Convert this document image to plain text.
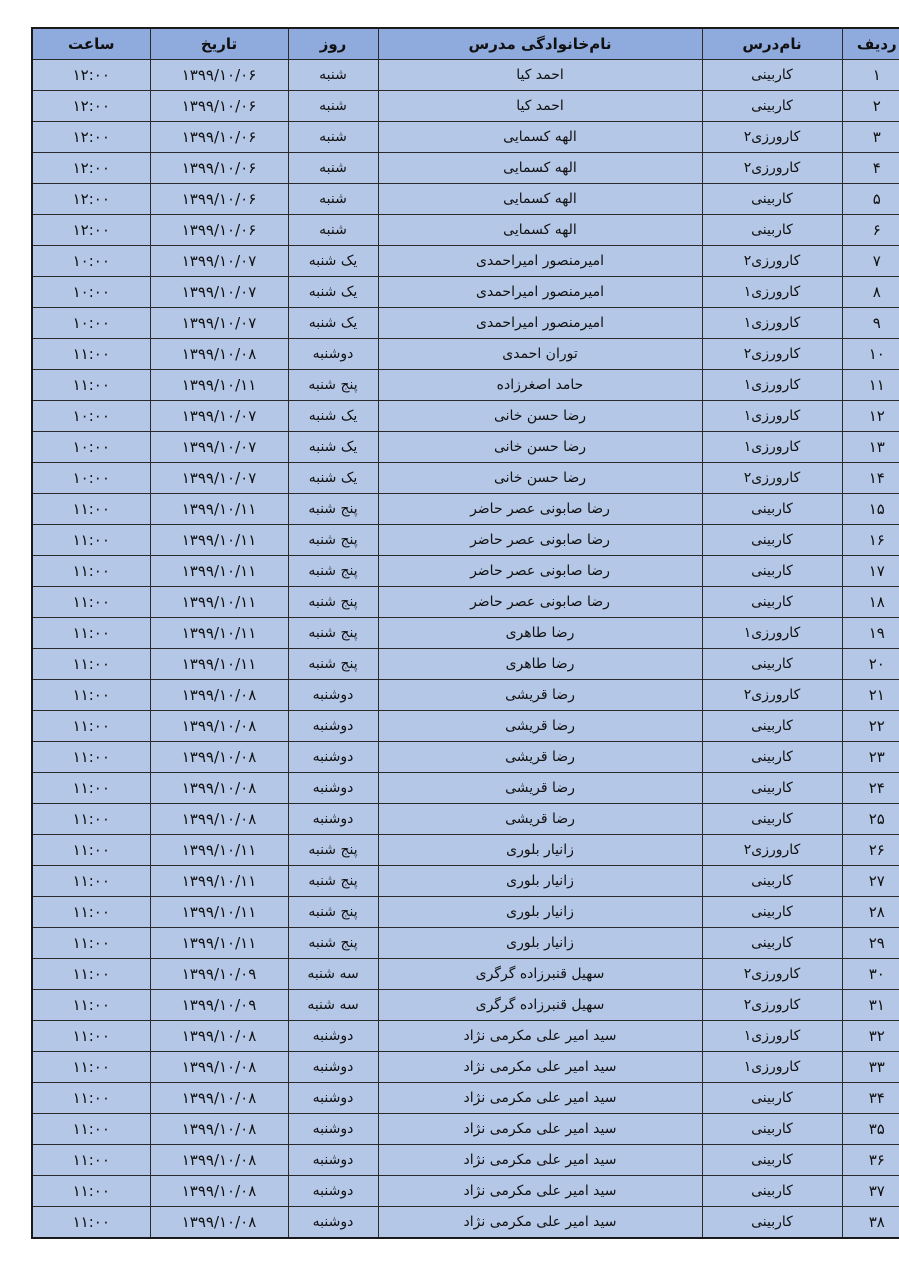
ردیف	نام‌درس	نام‌خانوادگی مدرس	روز	تاریخ	ساعت
۱	کاربینی	احمد کیا	شنبه	۱۳۹۹/۱۰/۰۶	۱۲:۰۰
۲	کاربینی	احمد کیا	شنبه	۱۳۹۹/۱۰/۰۶	۱۲:۰۰
۳	کارورزی۲	الهه کسمایی	شنبه	۱۳۹۹/۱۰/۰۶	۱۲:۰۰
۴	کارورزی۲	الهه کسمایی	شنبه	۱۳۹۹/۱۰/۰۶	۱۲:۰۰
۵	کاربینی	الهه کسمایی	شنبه	۱۳۹۹/۱۰/۰۶	۱۲:۰۰
۶	کاربینی	الهه کسمایی	شنبه	۱۳۹۹/۱۰/۰۶	۱۲:۰۰
۷	کارورزی۲	امیرمنصور امیراحمدی	یک شنبه	۱۳۹۹/۱۰/۰۷	۱۰:۰۰
۸	کارورزی۱	امیرمنصور امیراحمدی	یک شنبه	۱۳۹۹/۱۰/۰۷	۱۰:۰۰
۹	کارورزی۱	امیرمنصور امیراحمدی	یک شنبه	۱۳۹۹/۱۰/۰۷	۱۰:۰۰
۱۰	کارورزی۲	توران احمدی	دوشنبه	۱۳۹۹/۱۰/۰۸	۱۱:۰۰
۱۱	کارورزی۱	حامد اصغرزاده	پنج شنبه	۱۳۹۹/۱۰/۱۱	۱۱:۰۰
۱۲	کارورزی۱	رضا حسن خانی	یک شنبه	۱۳۹۹/۱۰/۰۷	۱۰:۰۰
۱۳	کارورزی۱	رضا حسن خانی	یک شنبه	۱۳۹۹/۱۰/۰۷	۱۰:۰۰
۱۴	کارورزی۲	رضا حسن خانی	یک شنبه	۱۳۹۹/۱۰/۰۷	۱۰:۰۰
۱۵	کاربینی	رضا صابونی عصر حاضر	پنج شنبه	۱۳۹۹/۱۰/۱۱	۱۱:۰۰
۱۶	کاربینی	رضا صابونی عصر حاضر	پنج شنبه	۱۳۹۹/۱۰/۱۱	۱۱:۰۰
۱۷	کاربینی	رضا صابونی عصر حاضر	پنج شنبه	۱۳۹۹/۱۰/۱۱	۱۱:۰۰
۱۸	کاربینی	رضا صابونی عصر حاضر	پنج شنبه	۱۳۹۹/۱۰/۱۱	۱۱:۰۰
۱۹	کارورزی۱	رضا طاهری	پنج شنبه	۱۳۹۹/۱۰/۱۱	۱۱:۰۰
۲۰	کاربینی	رضا طاهری	پنج شنبه	۱۳۹۹/۱۰/۱۱	۱۱:۰۰
۲۱	کارورزی۲	رضا قریشی	دوشنبه	۱۳۹۹/۱۰/۰۸	۱۱:۰۰
۲۲	کاربینی	رضا قریشی	دوشنبه	۱۳۹۹/۱۰/۰۸	۱۱:۰۰
۲۳	کاربینی	رضا قریشی	دوشنبه	۱۳۹۹/۱۰/۰۸	۱۱:۰۰
۲۴	کاربینی	رضا قریشی	دوشنبه	۱۳۹۹/۱۰/۰۸	۱۱:۰۰
۲۵	کاربینی	رضا قریشی	دوشنبه	۱۳۹۹/۱۰/۰۸	۱۱:۰۰
۲۶	کارورزی۲	زانیار بلوری	پنج شنبه	۱۳۹۹/۱۰/۱۱	۱۱:۰۰
۲۷	کاربینی	زانیار بلوری	پنج شنبه	۱۳۹۹/۱۰/۱۱	۱۱:۰۰
۲۸	کاربینی	زانیار بلوری	پنج شنبه	۱۳۹۹/۱۰/۱۱	۱۱:۰۰
۲۹	کاربینی	زانیار بلوری	پنج شنبه	۱۳۹۹/۱۰/۱۱	۱۱:۰۰
۳۰	کارورزی۲	سهیل قنبرزاده گرگری	سه شنبه	۱۳۹۹/۱۰/۰۹	۱۱:۰۰
۳۱	کارورزی۲	سهیل قنبرزاده گرگری	سه شنبه	۱۳۹۹/۱۰/۰۹	۱۱:۰۰
۳۲	کارورزی۱	سید امیر علی مکرمی نژاد	دوشنبه	۱۳۹۹/۱۰/۰۸	۱۱:۰۰
۳۳	کارورزی۱	سید امیر علی مکرمی نژاد	دوشنبه	۱۳۹۹/۱۰/۰۸	۱۱:۰۰
۳۴	کاربینی	سید امیر علی مکرمی نژاد	دوشنبه	۱۳۹۹/۱۰/۰۸	۱۱:۰۰
۳۵	کاربینی	سید امیر علی مکرمی نژاد	دوشنبه	۱۳۹۹/۱۰/۰۸	۱۱:۰۰
۳۶	کاربینی	سید امیر علی مکرمی نژاد	دوشنبه	۱۳۹۹/۱۰/۰۸	۱۱:۰۰
۳۷	کاربینی	سید امیر علی مکرمی نژاد	دوشنبه	۱۳۹۹/۱۰/۰۸	۱۱:۰۰
۳۸	کاربینی	سید امیر علی مکرمی نژاد	دوشنبه	۱۳۹۹/۱۰/۰۸	۱۱:۰۰
